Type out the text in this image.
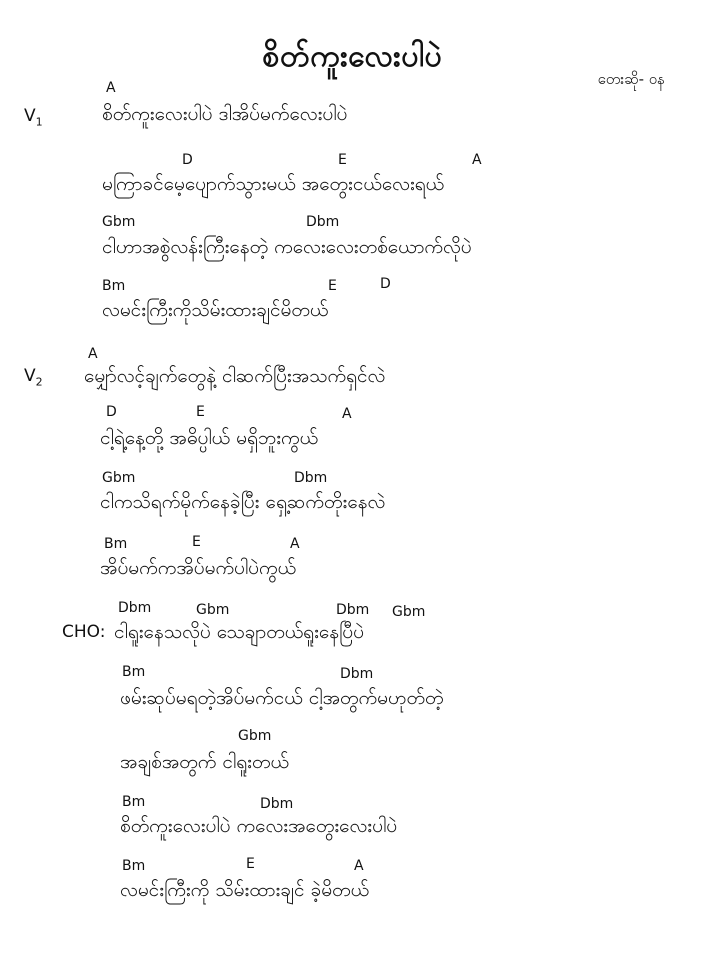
စိတ်ကူးလေးပါပဲ
တေးဆို- ဝန
$V_1$
A
စိတ်ကူးလေးပါပဲ ဒါအိပ်မက်လေးပါပဲ
D	E	A
မကြာခင်မေ့ပျောက်သွားမယ် အတွေးငယ်လေးရယ်
Gbm	Dbm
ငါဟာအစွဲလန်းကြီးနေတဲ့ ကလေးလေးတစ်ယောက်လိုပဲ
Bm	E	D
လမင်းကြီးကိုသိမ်းထားချင်မိတယ်
$V_2$
A
မျှော်လင့်ချက်တွေနဲ့ ငါဆက်ပြီးအသက်ရှင်လဲ
D	E	A
ငါ့ရဲ့နေ့တို့ အဓိပ္ပါယ် မရှိဘူးကွယ်
Gbm	Dbm
ငါကသိရက်မိုက်နေခဲ့ပြီး ရှေ့ဆက်တိုးနေလဲ
Bm	E	A
အိပ်မက်ကအိပ်မက်ပါပဲကွယ်
CHO:
Dbm	Gbm	Dbm Gbm
ငါရူးနေသလိုပဲ သေချာတယ်ရူးနေပြီပဲ
Bm	Dbm
ဖမ်းဆုပ်မရတဲ့အိပ်မက်ငယ် ငါ့အတွက်မဟုတ်တဲ့
Gbm
အချစ်အတွက် ငါရူးတယ်
Bm	Dbm
စိတ်ကူးလေးပါပဲ ကလေးအတွေးလေးပါပဲ
Bm	E	A
လမင်းကြီးကို သိမ်းထားချင် ခဲ့မိတယ်
